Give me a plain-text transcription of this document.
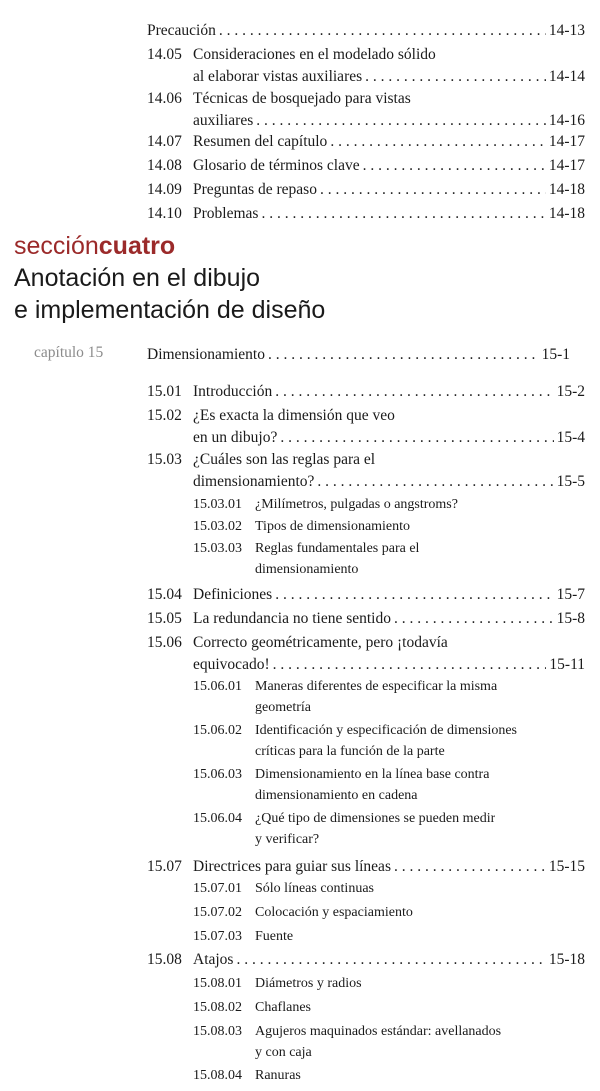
Precaución . . .	14-13
14.05 Consideraciones en el modelado sólido
al elaborar vistas auxiliares . . .	14-14
14.06 Técnicas de bosquejado para vistas
auxiliares . . .	14-16
14.07 Resumen del capítulo . . .	14-17
14.08 Glosario de términos clave . . .	14-17
14.09 Preguntas de repaso . . .	14-18
14.10 Problemas . . .	14-18
seccióncuatro
Anotación en el dibujo
e implementación de diseño
capítulo 15	Dimensionamiento . . .	15-1
15.01 Introducción . . .	15-2
15.02 ¿Es exacta la dimensión que veo
en un dibujo? . . .	15-4
15.03 ¿Cuáles son las reglas para el
dimensionamiento? . . .	15-5
15.03.01 ¿Milímetros, pulgadas o angstroms?
15.03.02 Tipos de dimensionamiento
15.03.03 Reglas fundamentales para el
dimensionamiento
15.04 Definiciones . . .	15-7
15.05 La redundancia no tiene sentido . . .	15-8
15.06 Correcto geométricamente, pero ¡todavía
equivocado! . . .	15-11
15.06.01 Maneras diferentes de especificar la misma
geometría
15.06.02 Identificación y especificación de dimensiones
críticas para la función de la parte
15.06.03 Dimensionamiento en la línea base contra
dimensionamiento en cadena
15.06.04 ¿Qué tipo de dimensiones se pueden medir
y verificar?
15.07 Directrices para guiar sus líneas . . .	15-15
15.07.01 Sólo líneas continuas
15.07.02 Colocación y espaciamiento
15.07.03 Fuente
15.08 Atajos . . .	15-18
15.08.01 Diámetros y radios
15.08.02 Chaflanes
15.08.03 Agujeros maquinados estándar: avellanados
y con caja
15.08.04 Ranuras
